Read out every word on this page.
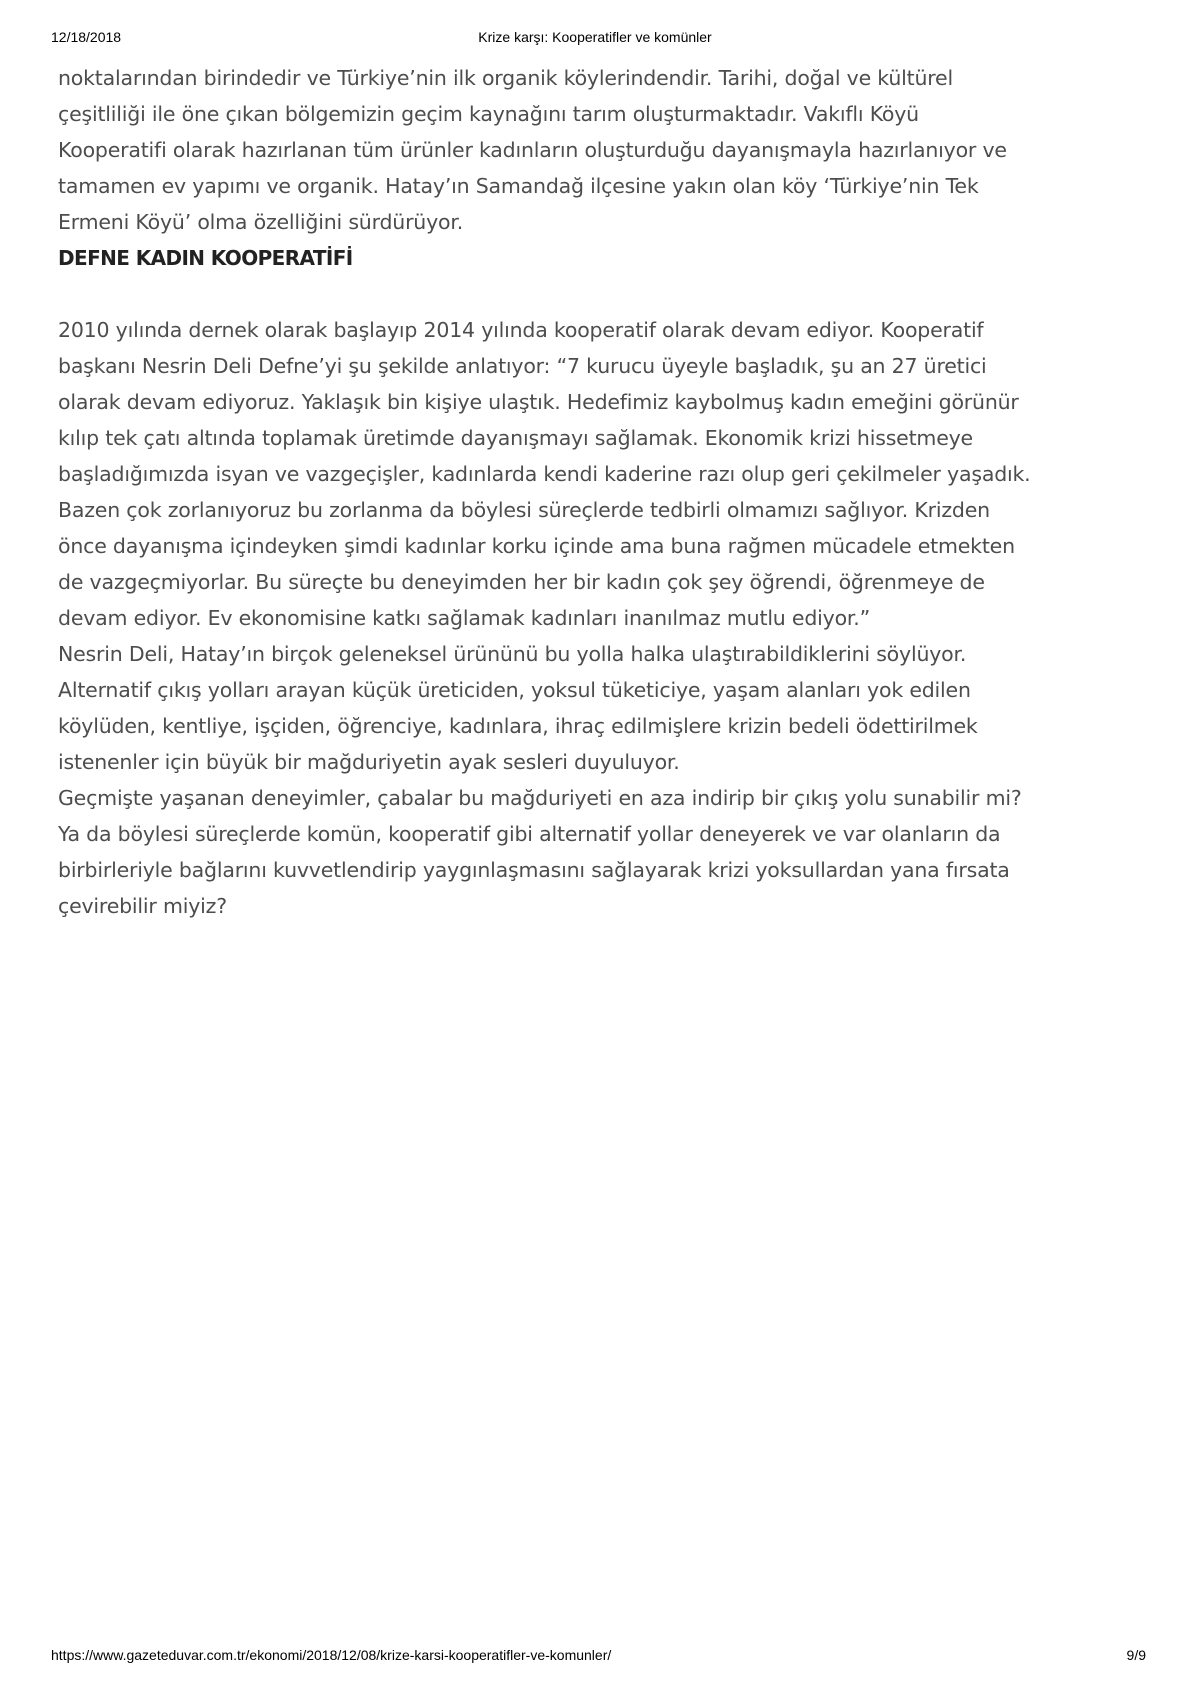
12/18/2018	Krize karşı: Kooperatifler ve komünler
noktalarından birindedir ve Türkiye’nin ilk organik köylerindendir. Tarihi, doğal ve kültürel
çeşitliliği ile öne çıkan bölgemizin geçim kaynağını tarım oluşturmaktadır. Vakıflı Köyü
Kooperatifi olarak hazırlanan tüm ürünler kadınların oluşturduğu dayanışmayla hazırlanıyor ve
tamamen ev yapımı ve organik. Hatay’ın Samandağ ilçesine yakın olan köy ‘Türkiye’nin Tek
Ermeni Köyü’ olma özelliğini sürdürüyor.
DEFNE KADIN KOOPERATİFİ
2010 yılında dernek olarak başlayıp 2014 yılında kooperatif olarak devam ediyor. Kooperatif
başkanı Nesrin Deli Defne’yi şu şekilde anlatıyor: “7 kurucu üyeyle başladık, şu an 27 üretici
olarak devam ediyoruz. Yaklaşık bin kişiye ulaştık. Hedefimiz kaybolmuş kadın emeğini görünür
kılıp tek çatı altında toplamak üretimde dayanışmayı sağlamak. Ekonomik krizi hissetmeye
başladığımızda isyan ve vazgeçişler, kadınlarda kendi kaderine razı olup geri çekilmeler yaşadık.
Bazen çok zorlanıyoruz bu zorlanma da böylesi süreçlerde tedbirli olmamızı sağlıyor. Krizden
önce dayanışma içindeyken şimdi kadınlar korku içinde ama buna rağmen mücadele etmekten
de vazgeçmiyorlar. Bu süreçte bu deneyimden her bir kadın çok şey öğrendi, öğrenmeye de
devam ediyor. Ev ekonomisine katkı sağlamak kadınları inanılmaz mutlu ediyor.”
Nesrin Deli, Hatay’ın birçok geleneksel ürününü bu yolla halka ulaştırabildiklerini söylüyor.
Alternatif çıkış yolları arayan küçük üreticiden, yoksul tüketiciye, yaşam alanları yok edilen
köylüden, kentliye, işçiden, öğrenciye, kadınlara, ihraç edilmişlere krizin bedeli ödettirilmek
istenenler için büyük bir mağduriyetin ayak sesleri duyuluyor.
Geçmişte yaşanan deneyimler, çabalar bu mağduriyeti en aza indirip bir çıkış yolu sunabilir mi?
Ya da böylesi süreçlerde komün, kooperatif gibi alternatif yollar deneyerek ve var olanların da
birbirleriyle bağlarını kuvvetlendirip yaygınlaşmasını sağlayarak krizi yoksullardan yana fırsata
çevirebilir miyiz?
https://www.gazeteduvar.com.tr/ekonomi/2018/12/08/krize-karsi-kooperatifler-ve-komunler/	9/9
